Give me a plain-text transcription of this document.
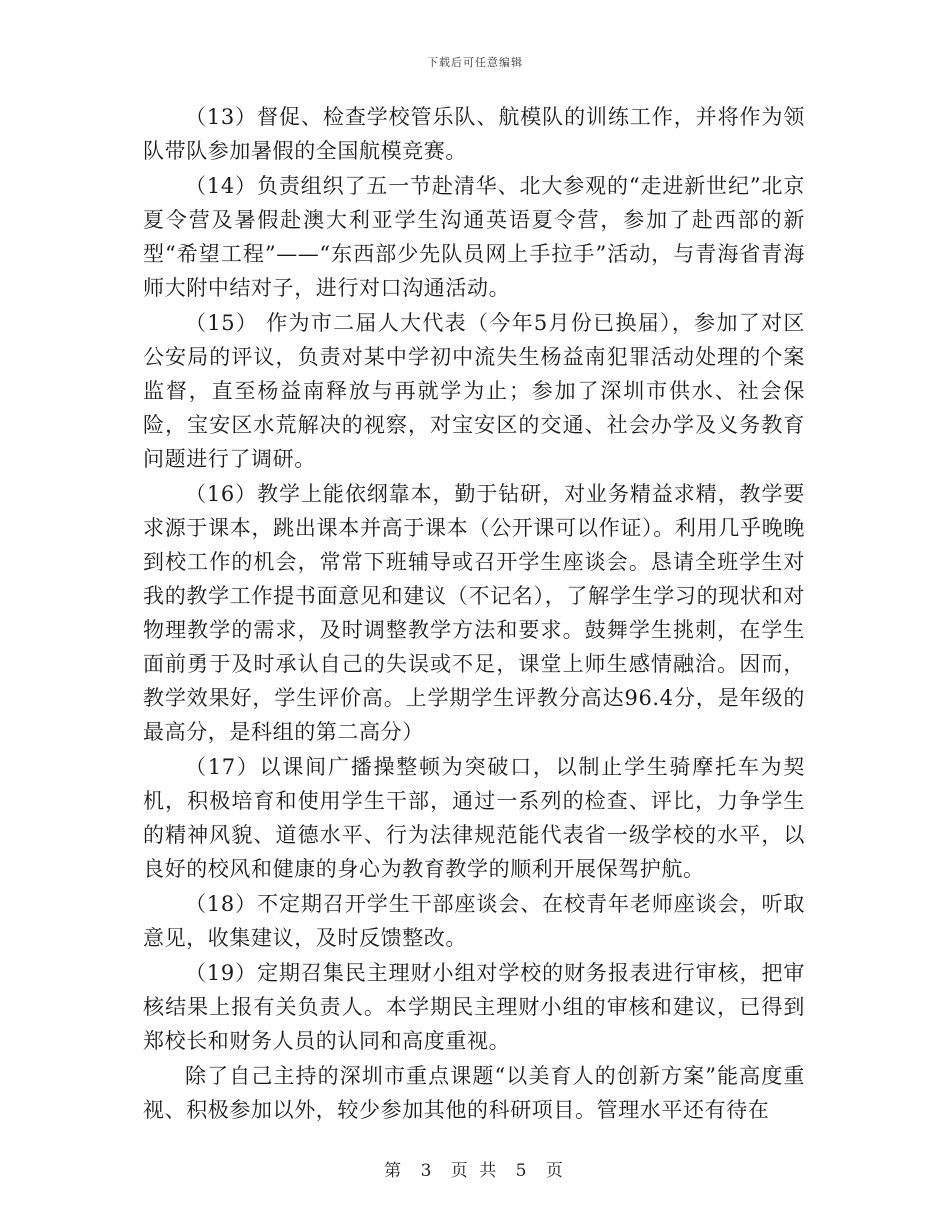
下载后可任意编辑

（13）督促、检查学校管乐队、航模队的训练工作，并将作为领队带队参加暑假的全国航模竞赛。

（14）负责组织了五一节赴清华、北大参观的“走进新世纪”北京夏令营及暑假赴澳大利亚学生沟通英语夏令营，参加了赴西部的新型“希望工程”——“东西部少先队员网上手拉手”活动，与青海省青海师大附中结对子，进行对口沟通活动。

（15） 作为市二届人大代表（今年5月份已换届），参加了对区公安局的评议，负责对某中学初中流失生杨益南犯罪活动处理的个案监督，直至杨益南释放与再就学为止；参加了深圳市供水、社会保险，宝安区水荒解决的视察，对宝安区的交通、社会办学及义务教育问题进行了调研。

（16）教学上能依纲靠本，勤于钻研，对业务精益求精，教学要求源于课本，跳出课本并高于课本（公开课可以作证）。利用几乎晚晚到校工作的机会，常常下班辅导或召开学生座谈会。恳请全班学生对我的教学工作提书面意见和建议（不记名），了解学生学习的现状和对物理教学的需求，及时调整教学方法和要求。鼓舞学生挑刺，在学生面前勇于及时承认自己的失误或不足，课堂上师生感情融洽。因而，教学效果好，学生评价高。上学期学生评教分高达96.4分，是年级的最高分，是科组的第二高分）

（17）以课间广播操整顿为突破口，以制止学生骑摩托车为契机，积极培育和使用学生干部，通过一系列的检查、评比，力争学生的精神风貌、道德水平、行为法律规范能代表省一级学校的水平，以良好的校风和健康的身心为教育教学的顺利开展保驾护航。

（18）不定期召开学生干部座谈会、在校青年老师座谈会，听取意见，收集建议，及时反馈整改。

（19）定期召集民主理财小组对学校的财务报表进行审核，把审核结果上报有关负责人。本学期民主理财小组的审核和建议，已得到郑校长和财务人员的认同和高度重视。

除了自己主持的深圳市重点课题“以美育人的创新方案”能高度重视、积极参加以外，较少参加其他的科研项目。管理水平还有待在

第 3 页 共 5 页
